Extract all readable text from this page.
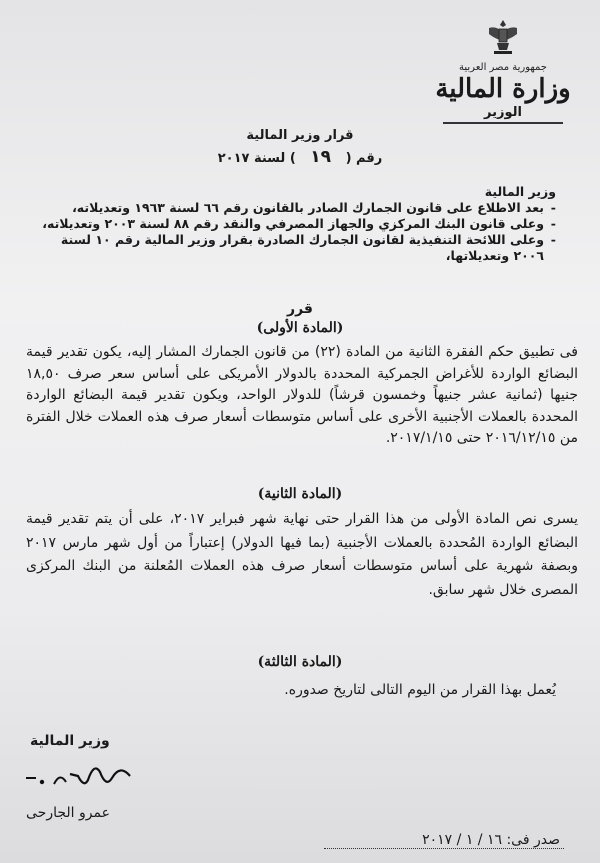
جمهورية مصر العربية
وزارة المالية
الوزير
قرار وزير المالية
رقم ( ١٩ ) لسنة ٢٠١٧
وزير المالية
- بعد الاطلاع على قانون الجمارك الصادر بالقانون رقم ٦٦ لسنة ١٩٦٣ وتعديلاته،
- وعلى قانون البنك المركزي والجهاز المصرفي والنقد رقم ٨٨ لسنة ٢٠٠٣ وتعديلاته،
- وعلى اللائحة التنفيذية لقانون الجمارك الصادرة بقرار وزير المالية رقم ١٠ لسنة ٢٠٠٦ وتعديلاتها،
قرر
(المادة الأولى)
فى تطبيق حكم الفقرة الثانية من المادة (٢٢) من قانون الجمارك المشار إليه، يكون تقدير قيمة البضائع الواردة للأغراض الجمركية المحددة بالدولار الأمريكى على أساس سعر صرف ١٨,٥٠ جنيها (ثمانية عشر جنيهاً وخمسون قرشاً) للدولار الواحد، ويكون تقدير قيمة البضائع الواردة المحددة بالعملات الأجنبية الأخرى على أساس متوسطات أسعار صرف هذه العملات خلال الفترة من ٢٠١٦/١٢/١٥ حتى ٢٠١٧/١/١٥.
(المادة الثانية)
يسرى نص المادة الأولى من هذا القرار حتى نهاية شهر فبراير ٢٠١٧، على أن يتم تقدير قيمة البضائع الواردة المُحددة بالعملات الأجنبية (بما فيها الدولار) إعتباراً من أول شهر مارس ٢٠١٧ وبصفة شهرية على أساس متوسطات أسعار صرف هذه العملات المُعلنة من البنك المركزى المصرى خلال شهر سابق.
(المادة الثالثة)
يُعمل بهذا القرار من اليوم التالى لتاريخ صدوره.
وزير المالية
عمرو الجارحى
صدر فى: ١٦ / ١ / ٢٠١٧
